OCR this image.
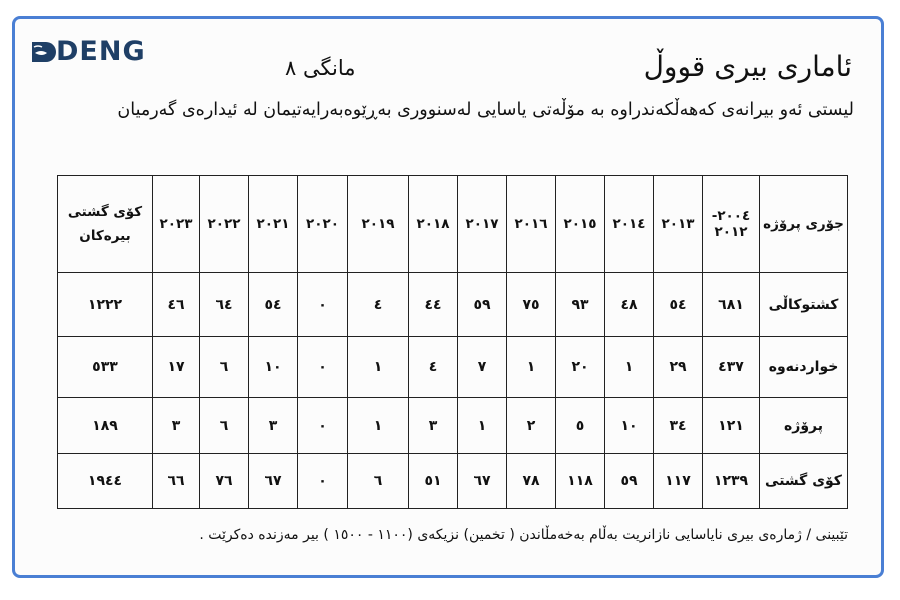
DENG	ئاماری بیری قووڵ
مانگی ٨
لیستی ئەو بیرانەی کەهەڵکەندراوە بە مۆڵەتی یاسایی لەسنووری بەڕێوەبەرایەتیمان لە ئیدارەی گەرمیان
جۆری پرۆژە	٢٠٠٤- ٢٠١٢	٢٠١٣	٢٠١٤	٢٠١٥	٢٠١٦	٢٠١٧	٢٠١٨	٢٠١٩	٢٠٢٠	٢٠٢١	٢٠٢٢	٢٠٢٣	کۆی گشتی بیرەکان
کشتوکاڵی	٦٨١	٥٤	٤٨	٩٣	٧٥	٥٩	٤٤	٤	٠	٥٤	٦٤	٤٦	١٢٢٢
خواردنەوە	٤٣٧	٢٩	١	٢٠	١	٧	٤	١	٠	١٠	٦	١٧	٥٣٣
پرۆژە	١٢١	٣٤	١٠	٥	٢	١	٣	١	٠	٣	٦	٣	١٨٩
کۆی گشتی	١٢٣٩	١١٧	٥٩	١١٨	٧٨	٦٧	٥١	٦	٠	٦٧	٧٦	٦٦	١٩٤٤
تێبینی / ژمارەی بیری نایاسایی نازانریت بەڵام بەخەمڵاندن ( تخمین) نزیکەی (١١٠٠ - ١٥٠٠ ) بیر مەزندە دەکرێت .
